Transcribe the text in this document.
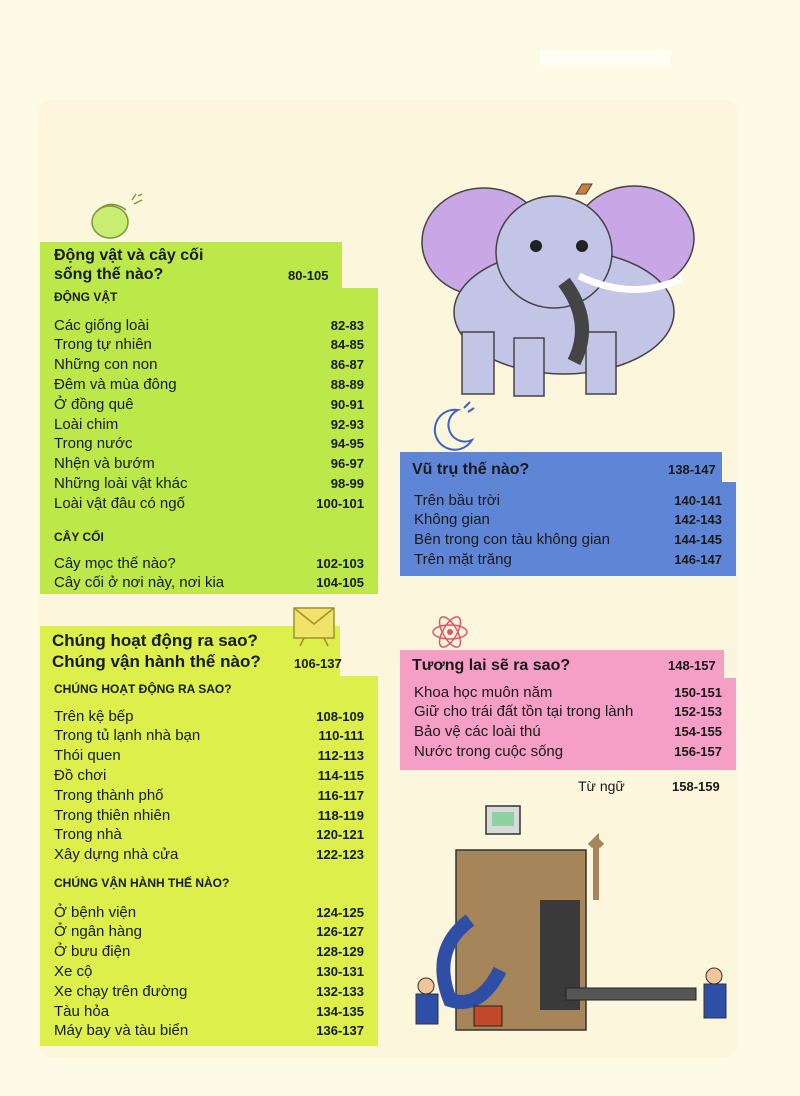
Động vật và cây cối
sống thế nào?	80-105
ĐỘNG VẬT
CÂY CỐI
Các giống loài	82-83
Trong tự nhiên	84-85
Những con non	86-87
Đêm và mùa đông	88-89
Ở đồng quê	90-91
Loài chim	92-93
Trong nước	94-95
Nhện và bướm	96-97
Những loài vật khác	98-99
Loài vật đâu có ngố	100-101
Cây mọc thế nào?	102-103
Cây cối ở nơi này, nơi kia	104-105
Chúng hoạt động ra sao?
Chúng vận hành thế nào?	106-137
CHÚNG HOẠT ĐỘNG RA SAO?
CHÚNG VẬN HÀNH THẾ NÀO?
Trên kệ bếp	108-109
Trong tủ lạnh nhà bạn	110-111
Thói quen	112-113
Đồ chơi	114-115
Trong thành phố	116-117
Trong thiên nhiên	118-119
Trong nhà	120-121
Xây dựng nhà cửa	122-123
Ở bệnh viện	124-125
Ở ngân hàng	126-127
Ở bưu điện	128-129
Xe cộ	130-131
Xe chạy trên đường	132-133
Tàu hỏa	134-135
Máy bay và tàu biển	136-137
Vũ trụ thế nào?	138-147
Trên bầu trời	140-141
Không gian	142-143
Bên trong con tàu không gian	144-145
Trên mặt trăng	146-147
Tương lai sẽ ra sao?	148-157
Khoa học muôn năm	150-151
Giữ cho trái đất tồn tại trong lành	152-153
Bảo vệ các loài thú	154-155
Nước trong cuộc sống	156-157
Từ ngữ	158-159
